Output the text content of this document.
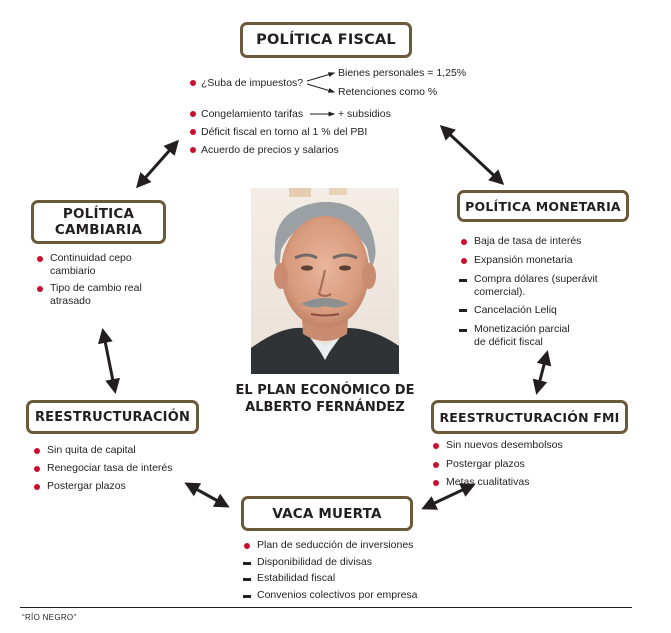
POLÍTICA FISCAL
¿Suba de impuestos?
Bienes personales = 1,25%
Retenciones como %
Congelamiento tarifas	+ subsidios
Déficit fiscal en torno al 1 % del PBI
Acuerdo de precios y salarios
POLÍTICA
CAMBIARIA
Continuidad cepo
cambiario
Tipo de cambio real
atrasado
POLÍTICA MONETARIA
Baja de tasa de interés
Expansión monetaria
Compra dólares (superávit
comercial).
Cancelación Leliq
Monetización parcial
de déficit fiscal
REESTRUCTURACIÓN
Sin quita de capital
Renegociar tasa de interés
Postergar plazos
REESTRUCTURACIÓN FMI
Sin nuevos desembolsos
Postergar plazos
Metas cualitativas
VACA MUERTA
Plan de seducción de inversiones
Disponibilidad de divisas
Estabilidad fiscal
Convenios colectivos por empresa
EL PLAN ECONÓMICO DE
ALBERTO FERNÁNDEZ
“RÍO NEGRO”
